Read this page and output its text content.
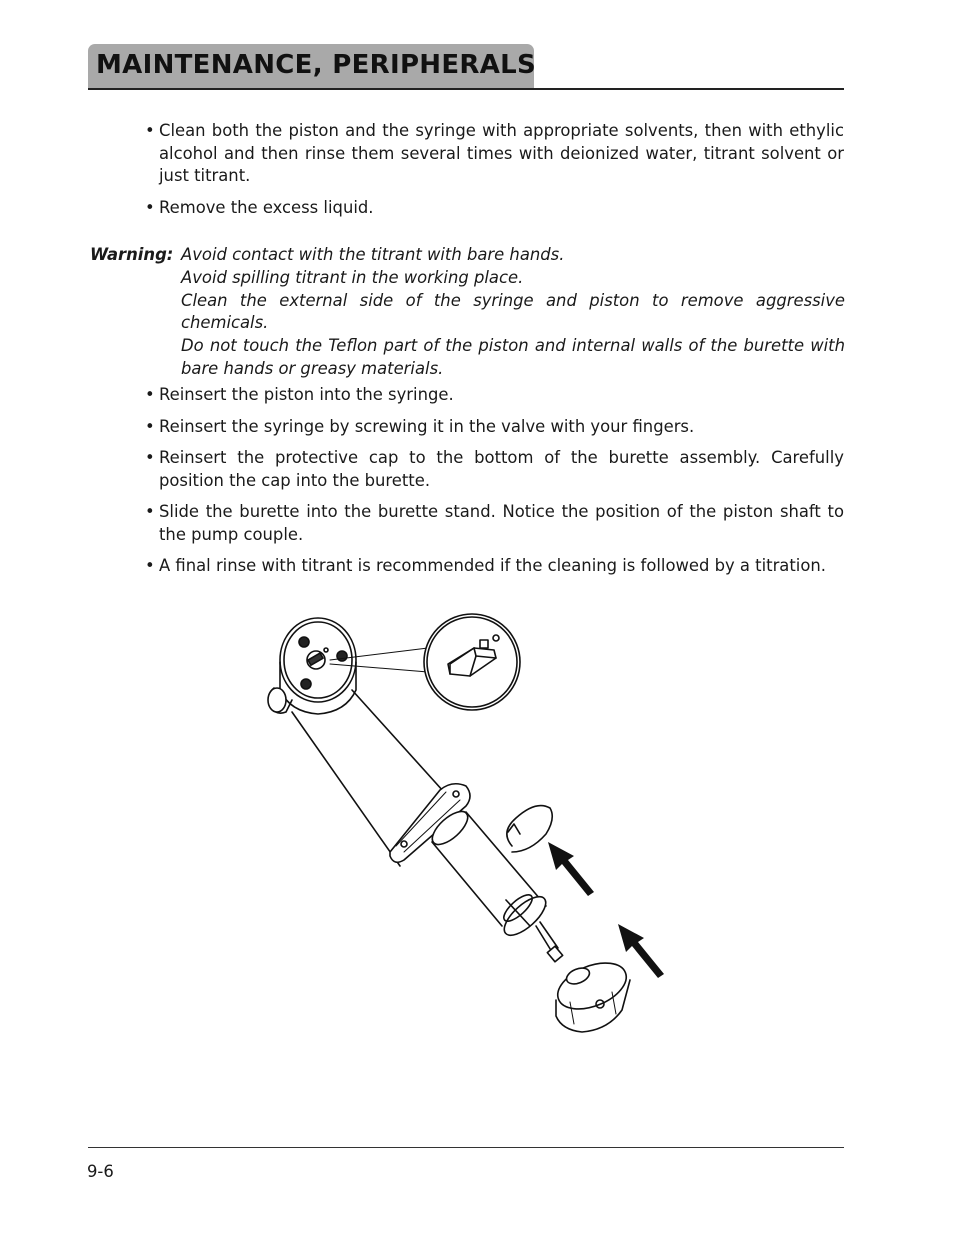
MAINTENANCE, PERIPHERALS
• Clean both the piston and the syringe with appropriate solvents, then with ethylic alcohol and then rinse them several times with deionized water, titrant solvent or just titrant.
• Remove the excess liquid.
Warning: Avoid contact with the titrant with bare hands.
Avoid spilling titrant in the working place.
Clean the external side of the syringe and piston to remove aggressive chemicals.
Do not touch the Teflon part of the piston and internal walls of the burette with bare hands or greasy materials.
• Reinsert the piston into the syringe.
• Reinsert the syringe by screwing it in the valve with your fingers.
• Reinsert the protective cap to the bottom of the burette assembly. Carefully position the cap into the burette.
• Slide the burette into the burette stand. Notice the position of the piston shaft to the pump couple.
• A final rinse with titrant is recommended if the cleaning is followed by a titration.
9-6
